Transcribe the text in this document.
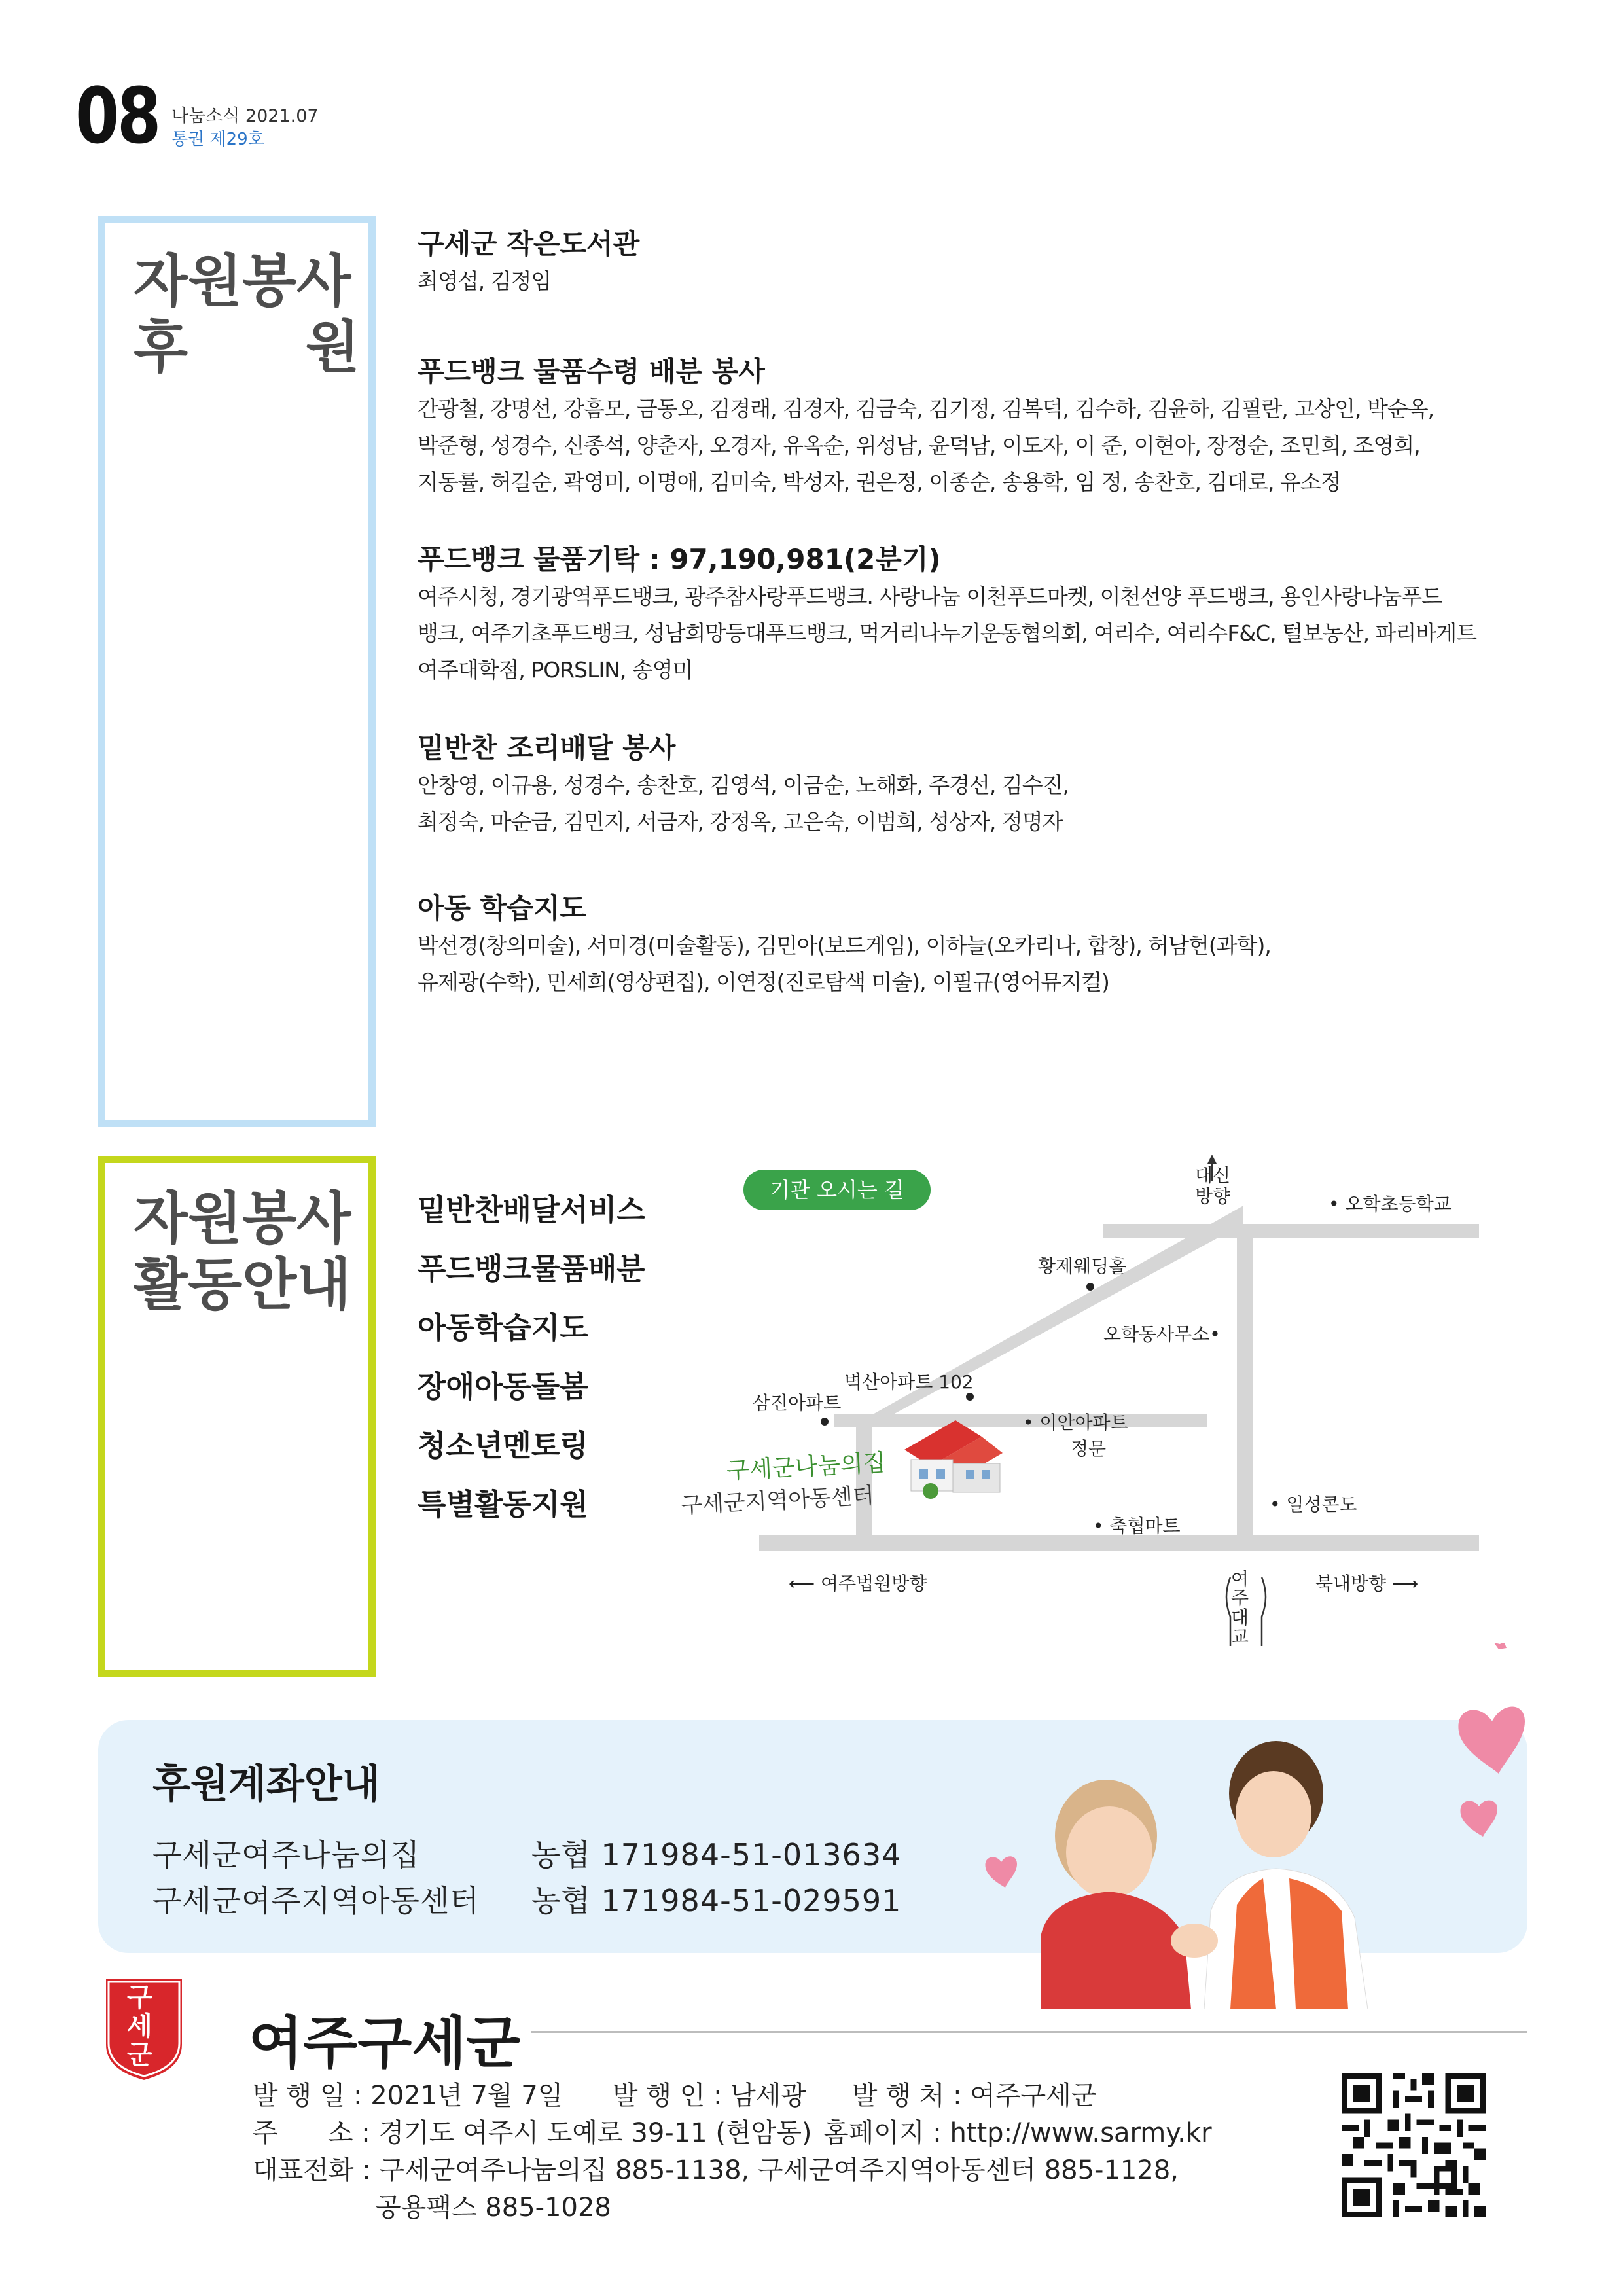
08 나눔소식 2021.07
통권 제29호
자원봉사
후      원
구세군 작은도서관
최영섭, 김정임
푸드뱅크 물품수령 배분 봉사
간광철, 강명선, 강흠모, 금동오, 김경래, 김경자, 김금숙, 김기정, 김복덕, 김수하, 김윤하, 김필란, 고상인, 박순옥,
박준형, 성경수, 신종석, 양춘자, 오경자, 유옥순, 위성남, 윤덕남, 이도자, 이 준, 이현아, 장정순, 조민희, 조영희,
지동률, 허길순, 곽영미, 이명애, 김미숙, 박성자, 권은정, 이종순, 송용학, 임 정, 송찬호, 김대로, 유소정
푸드뱅크 물품기탁 : 97,190,981(2분기)
여주시청, 경기광역푸드뱅크, 광주참사랑푸드뱅크. 사랑나눔 이천푸드마켓, 이천선양 푸드뱅크, 용인사랑나눔푸드
뱅크, 여주기초푸드뱅크, 성남희망등대푸드뱅크, 먹거리나누기운동협의회, 여리수, 여리수F&C, 털보농산, 파리바게트
여주대학점, PORSLIN, 송영미
밑반찬 조리배달 봉사
안창영, 이규용, 성경수, 송찬호, 김영석, 이금순, 노해화, 주경선, 김수진,
최정숙, 마순금, 김민지, 서금자, 강정옥, 고은숙, 이범희, 성상자, 정명자
아동 학습지도
박선경(창의미술), 서미경(미술활동), 김민아(보드게임), 이하늘(오카리나, 합창), 허남헌(과학),
유제광(수학), 민세희(영상편집), 이연정(진로탐색 미술), 이필규(영어뮤지컬)
자원봉사
활동안내
밑반찬배달서비스
푸드뱅크물품배분
아동학습지도
장애아동돌봄
청소년멘토링
특별활동지원
기관 오시는 길
대신
방향	• 오학초등학교
황제웨딩홀
오학동사무소•
벽산아파트 102
삼진아파트
• 이안아파트
정문
구세군나눔의집
구세군지역아동센터	• 일성콘도
• 축협마트
⟵ 여주법원방향	여
주
대
교
북내방향 ⟶
후원계좌안내
구세군여주나눔의집	농협 171984-51-013634
구세군여주지역아동센터 농협 171984-51-029591
구
세
군 여주구세군
발 행 일 : 2021년 7월 7일 발 행 인 : 남세광 발 행 처 : 여주구세군
주      소 : 경기도 여주시 도예로 39-11 (현암동) 홈페이지 : http://www.sarmy.kr
대표전화 : 구세군여주나눔의집 885-1138, 구세군여주지역아동센터 885-1128,
공용팩스 885-1028
